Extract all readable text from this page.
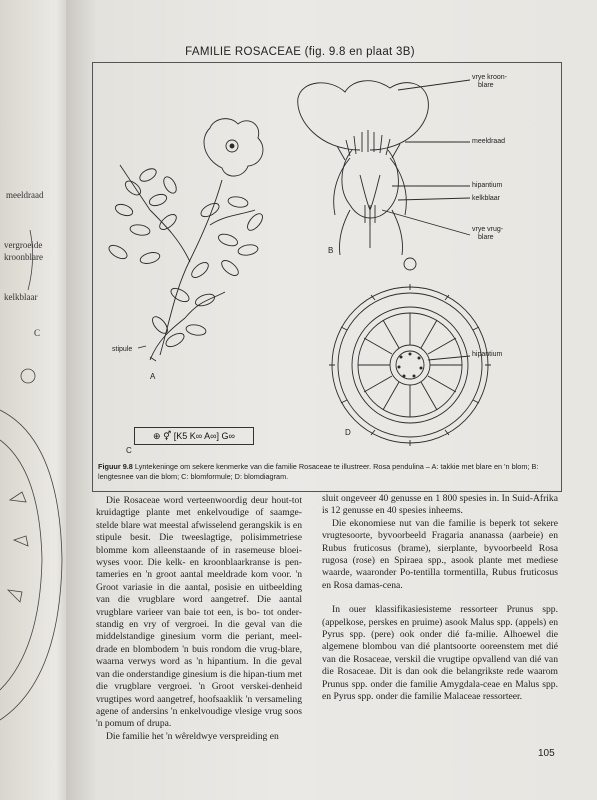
meeldraad
vergroeide
kroonblare
kelkblaar
C
FAMILIE ROSACEAE (fig. 9.8 en plaat 3B)
vrye kroon-
blare
meeldraad
hipantium
kelkblaar
vrye vrug-
blare
stipule
hipantium
A
B
C
D
⊕ ⚥ [K5 K∞ A∞] G∞
Figuur 9.8 Lyntekeninge om sekere kenmerke van die familie Rosaceae te illustreer. Rosa pendulina – A: takkie met blare en 'n blom; B: lengtesnee van die blom; C: blomformule; D: blomdiagram.

Die Rosaceae word verteenwoordig deur hout-tot kruidagtige plante met enkelvoudige of saamge-stelde blare wat meestal afwisselend gerangskik is en stipule besit. Die tweeslagtige, polisimmetriese blomme kom alleenstaande of in rasemeuse bloei-wyses voor. Die kelk- en kroonblaarkranse is pen-tameries en 'n groot aantal meeldrade kom voor. 'n Groot variasie in die aantal, posisie en uitbeelding van die vrugblare word aangetref. Die aantal vrugblare varieer van baie tot een, is bo- tot onder-standig en vry of vergroei. In die geval van die middelstandige ginesium vorm die periant, meel-drade en blombodem 'n buis rondom die vrug-blare, waarna verwys word as 'n hipantium. In die geval van die onderstandige ginesium is die hipan-tium met die vrugblare vergroei. 'n Groot verskei-denheid vrugtipes word aangetref, hoofsaaklik 'n versameling agene of andersins 'n enkelvoudige vlesige vrug soos 'n pomum of drupa.

Die familie het 'n wêreldwye verspreiding en

sluit ongeveer 40 genusse en 1 800 spesies in. In Suid-Afrika is 12 genusse en 40 spesies inheems.

Die ekonomiese nut van die familie is beperk tot sekere vrugtesoorte, byvoorbeeld Fragaria ananassa (aarbeie) en Rubus fruticosus (brame), sierplante, byvoorbeeld Rosa rugosa (rose) en Spiraea spp., asook plante met mediese waarde, waaronder Po-tentilla tormentilla, Rubus fruticosus en Rosa damas-cena.

In ouer klassifikasiesisteme ressorteer Prunus spp. (appelkose, perskes en pruime) asook Malus spp. (appels) en Pyrus spp. (pere) ook onder dié fa-milie. Alhoewel die algemene blombou van dié plantsoorte ooreenstem met dié van die Rosaceae, verskil die vrugtipe opvallend van dié van die Rosaceae. Dit is dan ook die belangrikste rede waarom Prunus spp. onder die familie Amygdala-ceae en Malus spp. en Pyrus spp. onder die familie Malaceae ressorteer.

105
